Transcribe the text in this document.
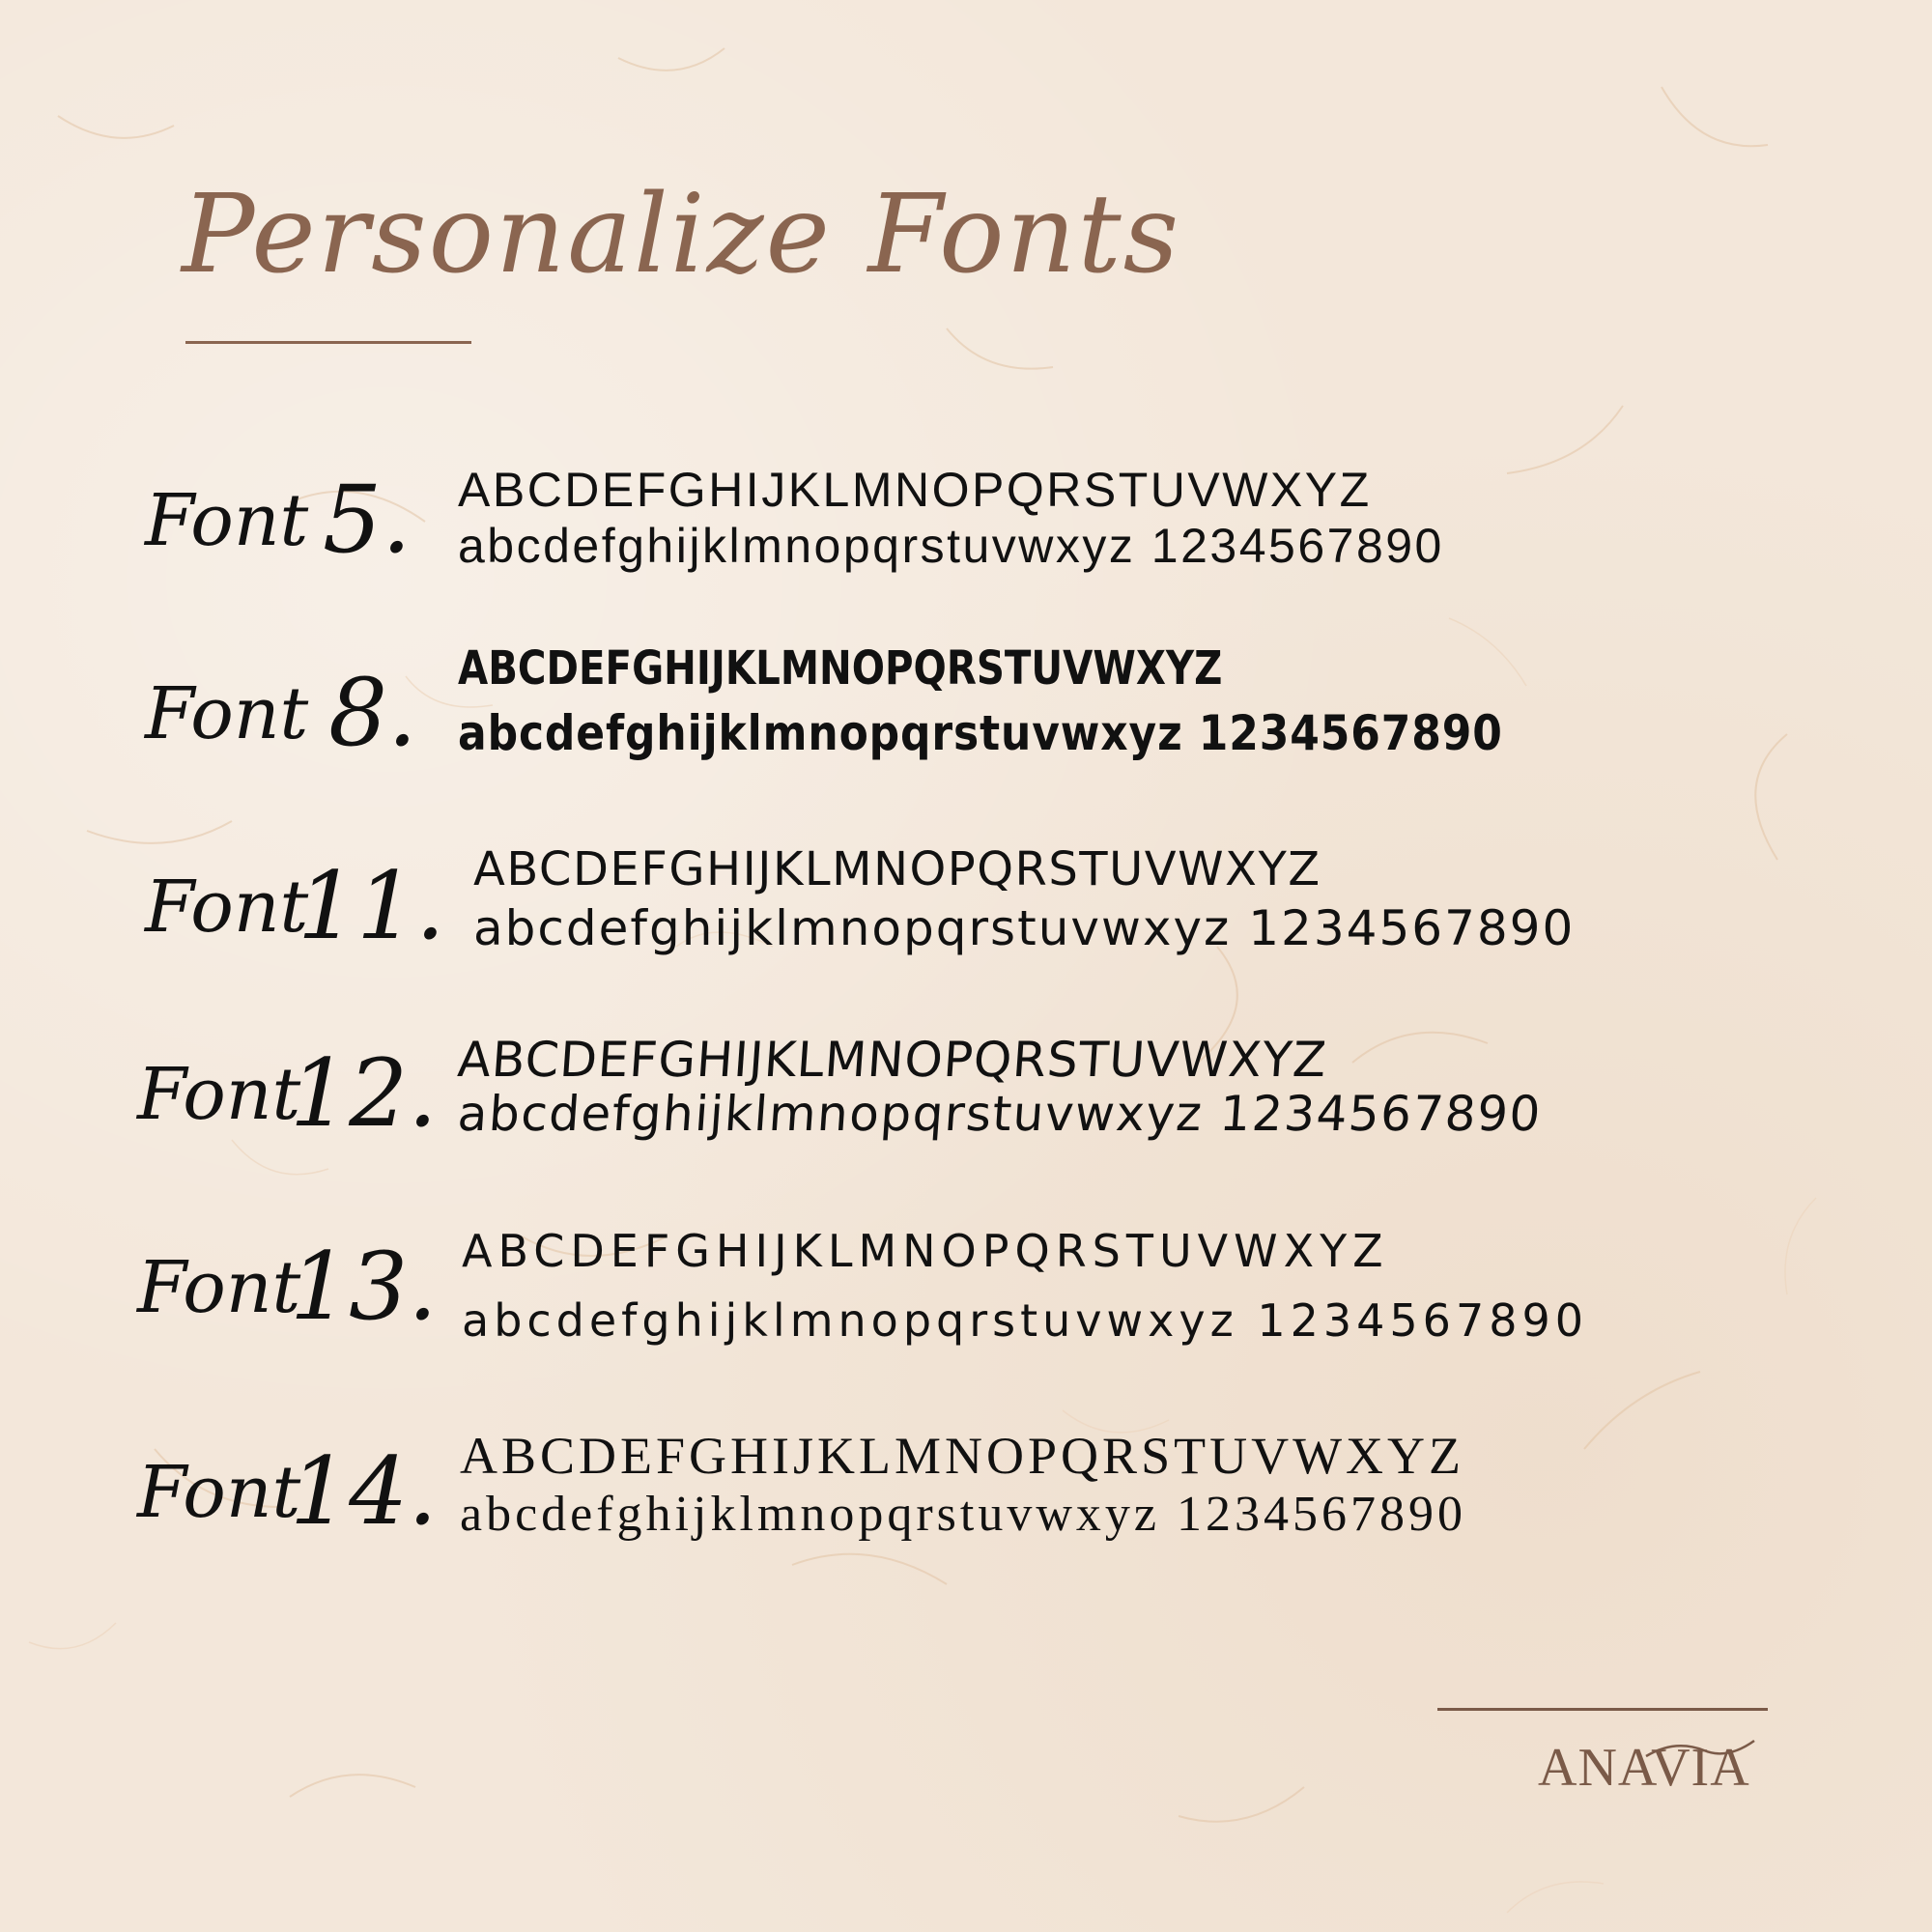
Personalize Fonts
Font 5. ABCDEFGHIJKLMNOPQRSTUVWXYZ
abcdefghijklmnopqrstuvwxyz 1234567890
Font 8. ABCDEFGHIJKLMNOPQRSTUVWXYZ
abcdefghijklmnopqrstuvwxyz 1234567890
Font
11. ABCDEFGHIJKLMNOPQRSTUVWXYZ
abcdefghijklmnopqrstuvwxyz 1234567890
Font
12. ABCDEFGHIJKLMNOPQRSTUVWXYZ
abcdefghijklmnopqrstuvwxyz 1234567890
Font
13. ABCDEFGHIJKLMNOPQRSTUVWXYZ
abcdefghijklmnopqrstuvwxyz 1234567890
Font
14. ABCDEFGHIJKLMNOPQRSTUVWXYZ
abcdefghijklmnopqrstuvwxyz 1234567890
ANAVIA
